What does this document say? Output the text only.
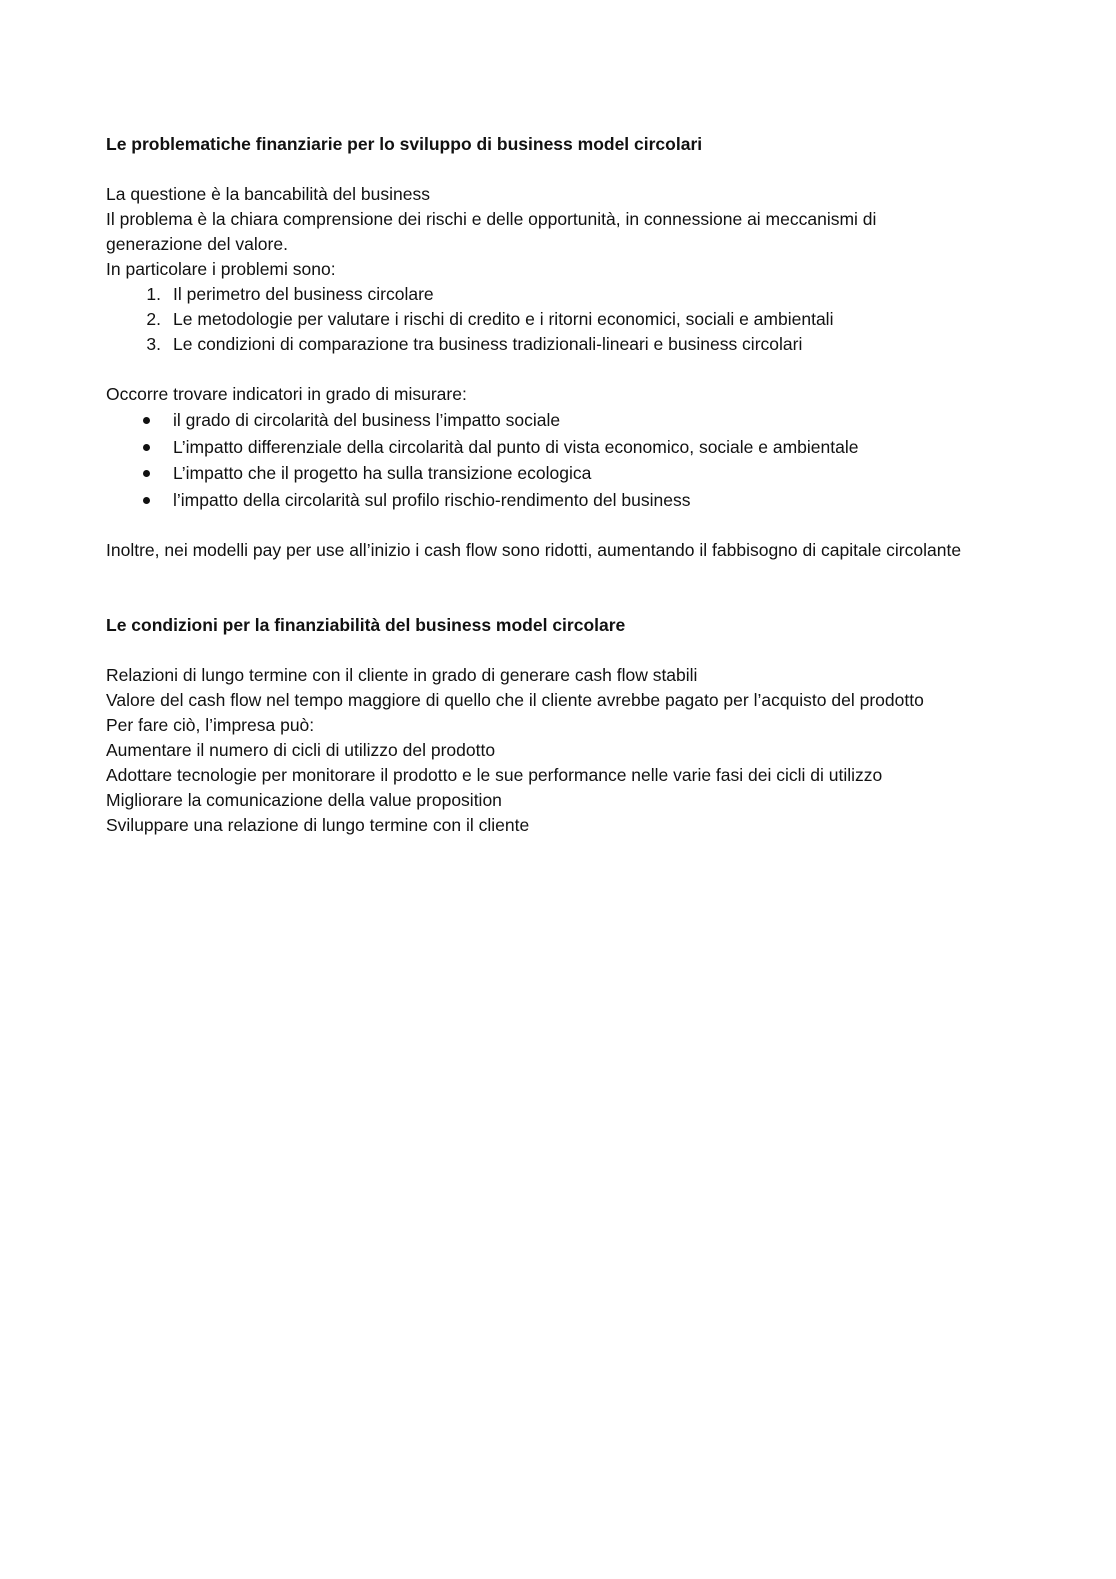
Le problematiche finanziarie per lo sviluppo di business model circolari

La questione è la bancabilità del business

Il problema è la chiara comprensione dei rischi e delle opportunità, in connessione ai meccanismi di generazione del valore.

In particolare i problemi sono:

1. Il perimetro del business circolare
2. Le metodologie per valutare i rischi di credito e i ritorni economici, sociali e ambientali
3. Le condizioni di comparazione tra business tradizionali-lineari e business circolari

Occorre trovare indicatori in grado di misurare:

il grado di circolarità del business l’impatto sociale
L’impatto differenziale della circolarità dal punto di vista economico, sociale e ambientale
L’impatto che il progetto ha sulla transizione ecologica
l’impatto della circolarità sul profilo rischio-rendimento del business

Inoltre, nei modelli pay per use all’inizio i cash flow sono ridotti, aumentando il fabbisogno di capitale circolante

Le condizioni per la finanziabilità del business model circolare

Relazioni di lungo termine con il cliente in grado di generare cash flow stabili

Valore del cash flow nel tempo maggiore di quello che il cliente avrebbe pagato per l’acquisto del prodotto

Per fare ciò, l’impresa può:

Aumentare il numero di cicli di utilizzo del prodotto

Adottare tecnologie per monitorare il prodotto e le sue performance nelle varie fasi dei cicli di utilizzo

Migliorare la comunicazione della value proposition

Sviluppare una relazione di lungo termine con il cliente
